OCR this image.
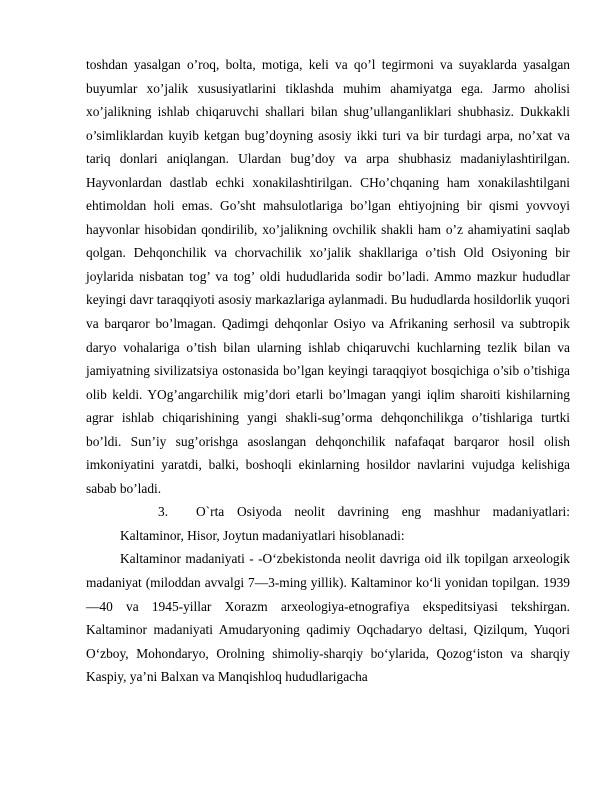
toshdan yasalgan o’roq, bolta, motiga, keli va qo’l tegirmoni va suyaklarda yasalgan buyumlar xo’jalik xususiyatlarini tiklashda muhim ahamiyatga ega. Jarmo aholisi xo’jalikning ishlab chiqaruvchi shallari bilan shug’ullanganliklari shubhasiz. Dukkakli o’simliklardan kuyib ketgan bug’doyning asosiy ikki turi va bir turdagi arpa, no’xat va tariq donlari aniqlangan. Ulardan bug’doy va arpa shubhasiz madaniylashtirilgan. Hayvonlardan dastlab echki xonakilashtirilgan. CHo’chqaning ham xonakilashtilgani ehtimoldan holi emas. Go’sht mahsulotlariga bo’lgan ehtiyojning bir qismi yovvoyi hayvonlar hisobidan qondirilib, xo’jalikning ovchilik shakli ham o’z ahamiyatini saqlab qolgan. Dehqonchilik va chorvachilik xo’jalik shakllariga o’tish Old Osiyoning bir joylarida nisbatan tog’ va tog’ oldi hududlarida sodir bo’ladi. Ammo mazkur hududlar keyingi davr taraqqiyoti asosiy markazlariga aylanmadi. Bu hududlarda hosildorlik yuqori va barqaror bo’lmagan. Qadimgi dehqonlar Osiyo va Afrikaning serhosil va subtropik daryo vohalariga o’tish bilan ularning ishlab chiqaruvchi kuchlarning tezlik bilan va jamiyatning sivilizatsiya ostonasida bo’lgan keyingi taraqqiyot bosqichiga o’sib o’tishiga olib keldi. YOg’angarchilik mig’dori etarli bo’lmagan yangi iqlim sharoiti kishilarning agrar ishlab chiqarishining yangi shakli-sug’orma dehqonchilikga o’tishlariga turtki bo’ldi. Sun’iy sug’orishga asoslangan dehqonchilik nafafaqat barqaror hosil olish imkoniyatini yaratdi, balki, boshoqli ekinlarning hosildor navlarini vujudga kelishiga sabab bo’ladi.

3. O`rta Osiyoda neolit davrining eng mashhur madaniyatlari: Kaltaminor, Hisor, Joytun madaniyatlari hisoblanadi:

Kaltaminor madaniyati - -O‘zbekistonda neolit davriga oid ilk topilgan arxeologik madaniyat (miloddan avvalgi 7—3-ming yillik). Kaltaminor ko‘li yonidan topilgan. 1939—40 va 1945-yillar Xorazm arxeologiya-etnografiya ekspeditsiyasi tekshirgan. Kaltaminor madaniyati Amudaryoning qadimiy Oqchadaryo deltasi, Qizilqum, Yuqori O‘zboy, Mohondaryo, Orolning shimoliy-sharqiy bo‘ylarida, Qozog‘iston va sharqiy Kaspiy, ya’ni Balxan va Manqishloq hududlarigacha
